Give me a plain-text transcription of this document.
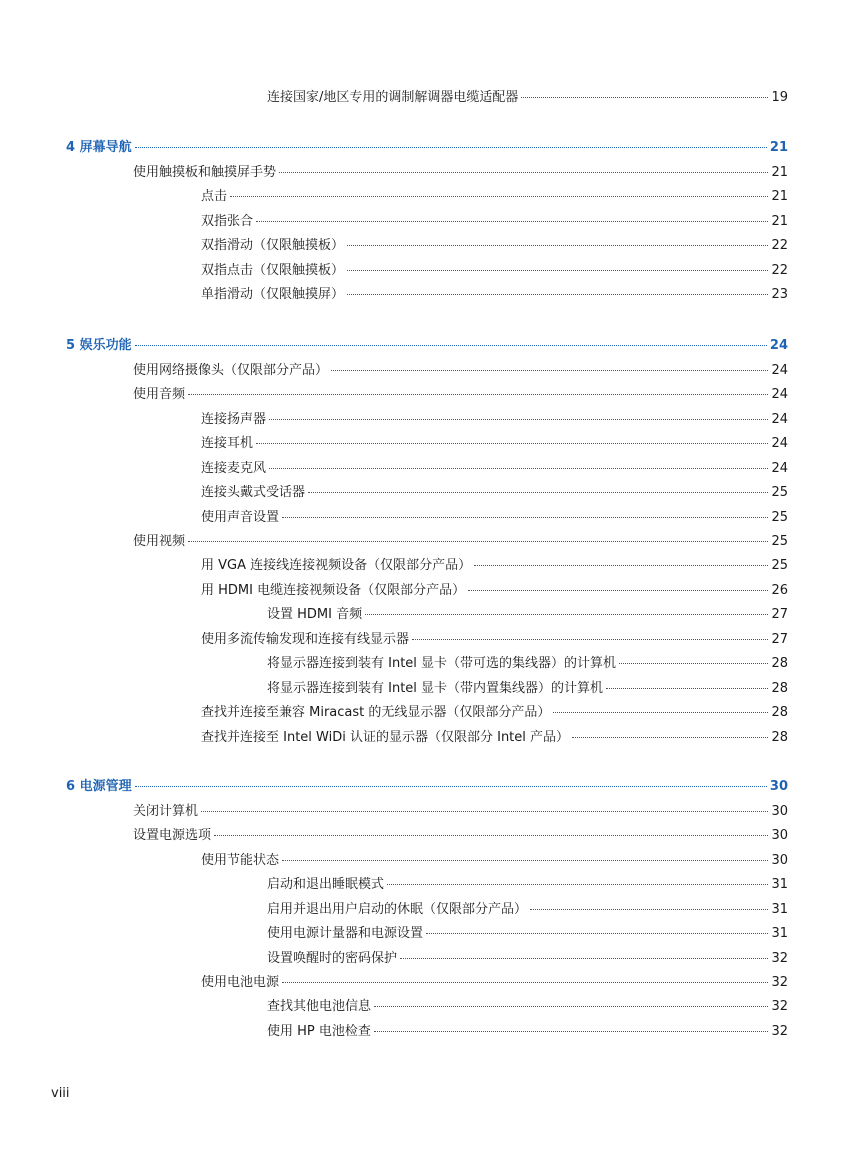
连接国家/地区专用的调制解调器电缆适配器	19
4 屏幕导航	21
使用触摸板和触摸屏手势	21
点击	21
双指张合	21
双指滑动（仅限触摸板）	22
双指点击（仅限触摸板）	22
单指滑动（仅限触摸屏）	23
5 娱乐功能	24
使用网络摄像头（仅限部分产品）	24
使用音频	24
连接扬声器	24
连接耳机	24
连接麦克风	24
连接头戴式受话器	25
使用声音设置	25
使用视频	25
用 VGA 连接线连接视频设备（仅限部分产品）	25
用 HDMI 电缆连接视频设备（仅限部分产品）	26
设置 HDMI 音频	27
使用多流传输发现和连接有线显示器	27
将显示器连接到装有 Intel 显卡（带可选的集线器）的计算机	28
将显示器连接到装有 Intel 显卡（带内置集线器）的计算机	28
查找并连接至兼容 Miracast 的无线显示器（仅限部分产品）	28
查找并连接至 Intel WiDi 认证的显示器（仅限部分 Intel 产品）	28
6 电源管理	30
关闭计算机	30
设置电源选项	30
使用节能状态	30
启动和退出睡眠模式	31
启用并退出用户启动的休眠（仅限部分产品）	31
使用电源计量器和电源设置	31
设置唤醒时的密码保护	32
使用电池电源	32
查找其他电池信息	32
使用 HP 电池检查	32
viii
